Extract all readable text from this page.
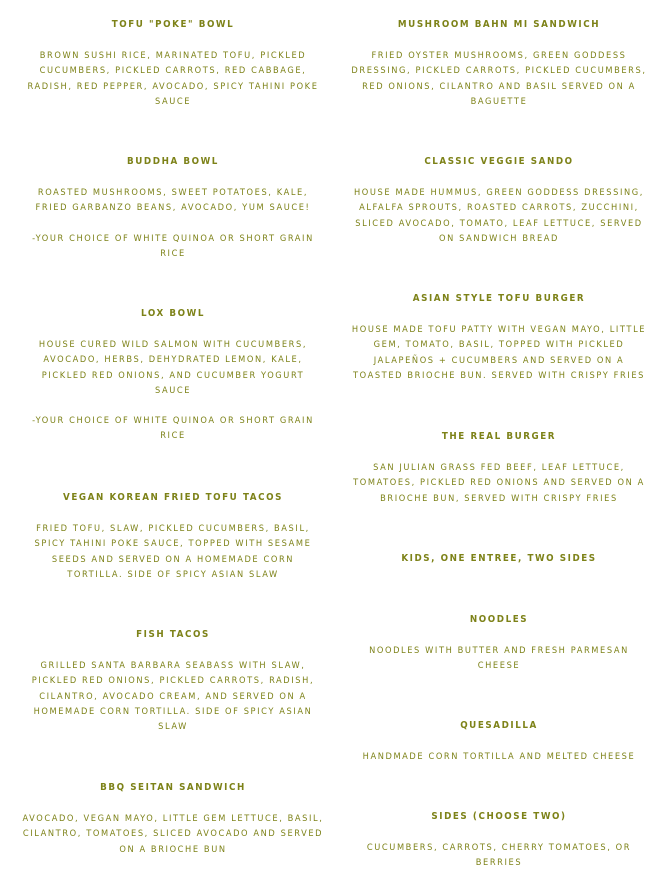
TOFU "POKE" BOWL
BROWN SUSHI RICE, MARINATED TOFU, PICKLED CUCUMBERS, PICKLED CARROTS, RED CABBAGE, RADISH, RED PEPPER, AVOCADO, SPICY TAHINI POKE SAUCE
BUDDHA BOWL
ROASTED MUSHROOMS, SWEET POTATOES, KALE, FRIED GARBANZO BEANS, AVOCADO, YUM SAUCE!
-YOUR CHOICE OF WHITE QUINOA OR SHORT GRAIN RICE
LOX BOWL
HOUSE CURED WILD SALMON WITH CUCUMBERS, AVOCADO, HERBS, DEHYDRATED LEMON, KALE, PICKLED RED ONIONS, AND CUCUMBER YOGURT SAUCE
-YOUR CHOICE OF WHITE QUINOA OR SHORT GRAIN RICE
VEGAN KOREAN FRIED TOFU TACOS
FRIED TOFU, SLAW, PICKLED CUCUMBERS, BASIL, SPICY TAHINI POKE SAUCE, TOPPED WITH SESAME SEEDS AND SERVED ON A HOMEMADE CORN TORTILLA. SIDE OF SPICY ASIAN SLAW
FISH TACOS
GRILLED SANTA BARBARA SEABASS WITH SLAW, PICKLED RED ONIONS, PICKLED CARROTS, RADISH, CILANTRO, AVOCADO CREAM, AND SERVED ON A HOMEMADE CORN TORTILLA. SIDE OF SPICY ASIAN SLAW
BBQ SEITAN SANDWICH
AVOCADO, VEGAN MAYO, LITTLE GEM LETTUCE, BASIL, CILANTRO, TOMATOES, SLICED AVOCADO AND SERVED ON A BRIOCHE BUN
MUSHROOM BAHN MI SANDWICH
FRIED OYSTER MUSHROOMS, GREEN GODDESS DRESSING, PICKLED CARROTS, PICKLED CUCUMBERS, RED ONIONS, CILANTRO AND BASIL SERVED ON A BAGUETTE
CLASSIC VEGGIE SANDO
HOUSE MADE HUMMUS, GREEN GODDESS DRESSING, ALFALFA SPROUTS, ROASTED CARROTS, ZUCCHINI, SLICED AVOCADO, TOMATO, LEAF LETTUCE, SERVED ON SANDWICH BREAD
ASIAN STYLE TOFU BURGER
HOUSE MADE TOFU PATTY WITH VEGAN MAYO, LITTLE GEM, TOMATO, BASIL, TOPPED WITH PICKLED JALAPEÑOS + CUCUMBERS AND SERVED ON A TOASTED BRIOCHE BUN. SERVED WITH CRISPY FRIES
THE REAL BURGER
SAN JULIAN GRASS FED BEEF, LEAF LETTUCE, TOMATOES, PICKLED RED ONIONS AND SERVED ON A BRIOCHE BUN, SERVED WITH CRISPY FRIES
KIDS, ONE ENTREE, TWO SIDES
NOODLES
NOODLES WITH BUTTER AND FRESH PARMESAN CHEESE
QUESADILLA
HANDMADE CORN TORTILLA AND MELTED CHEESE
SIDES (CHOOSE TWO)
CUCUMBERS, CARROTS, CHERRY TOMATOES, OR BERRIES
